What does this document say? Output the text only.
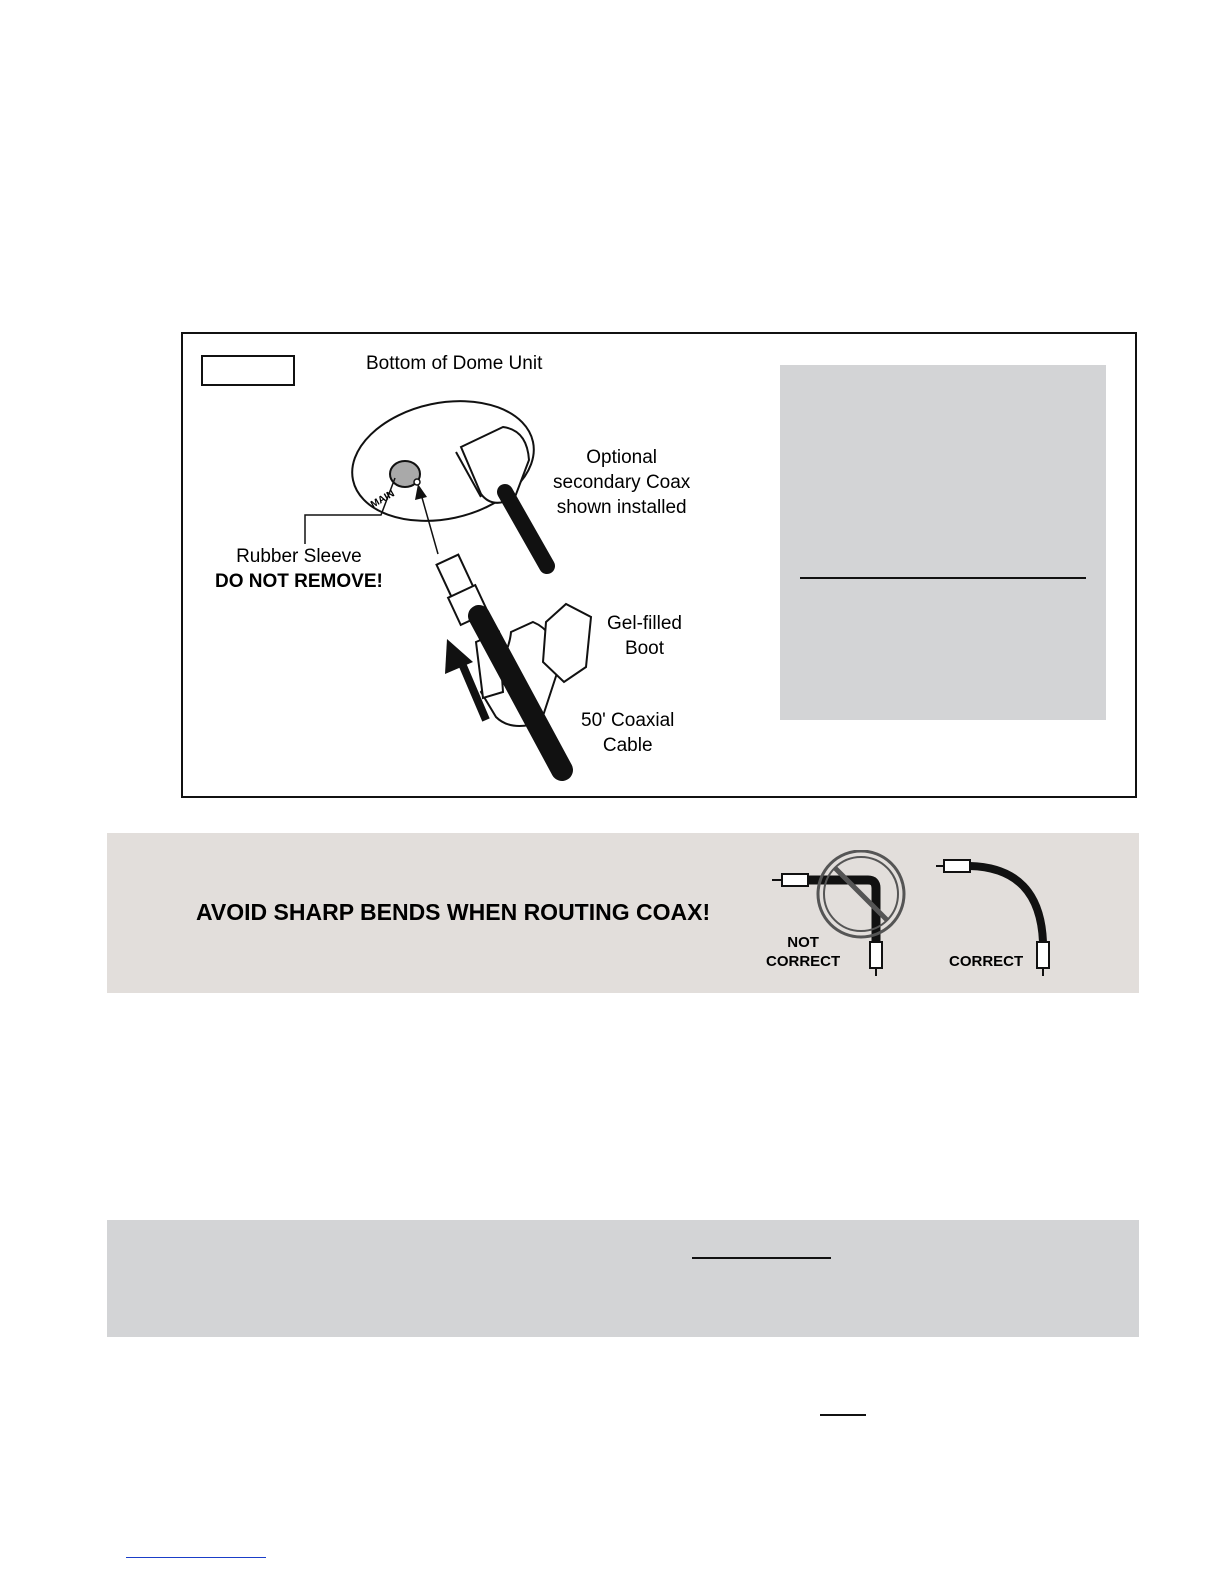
Bottom of Dome Unit
MAIN
Optional
secondary Coax
shown installed
Rubber Sleeve
DO NOT REMOVE!
Gel-filled
Boot
50' Coaxial
Cable
AVOID SHARP BENDS WHEN ROUTING COAX!
NOT
CORRECT	CORRECT
